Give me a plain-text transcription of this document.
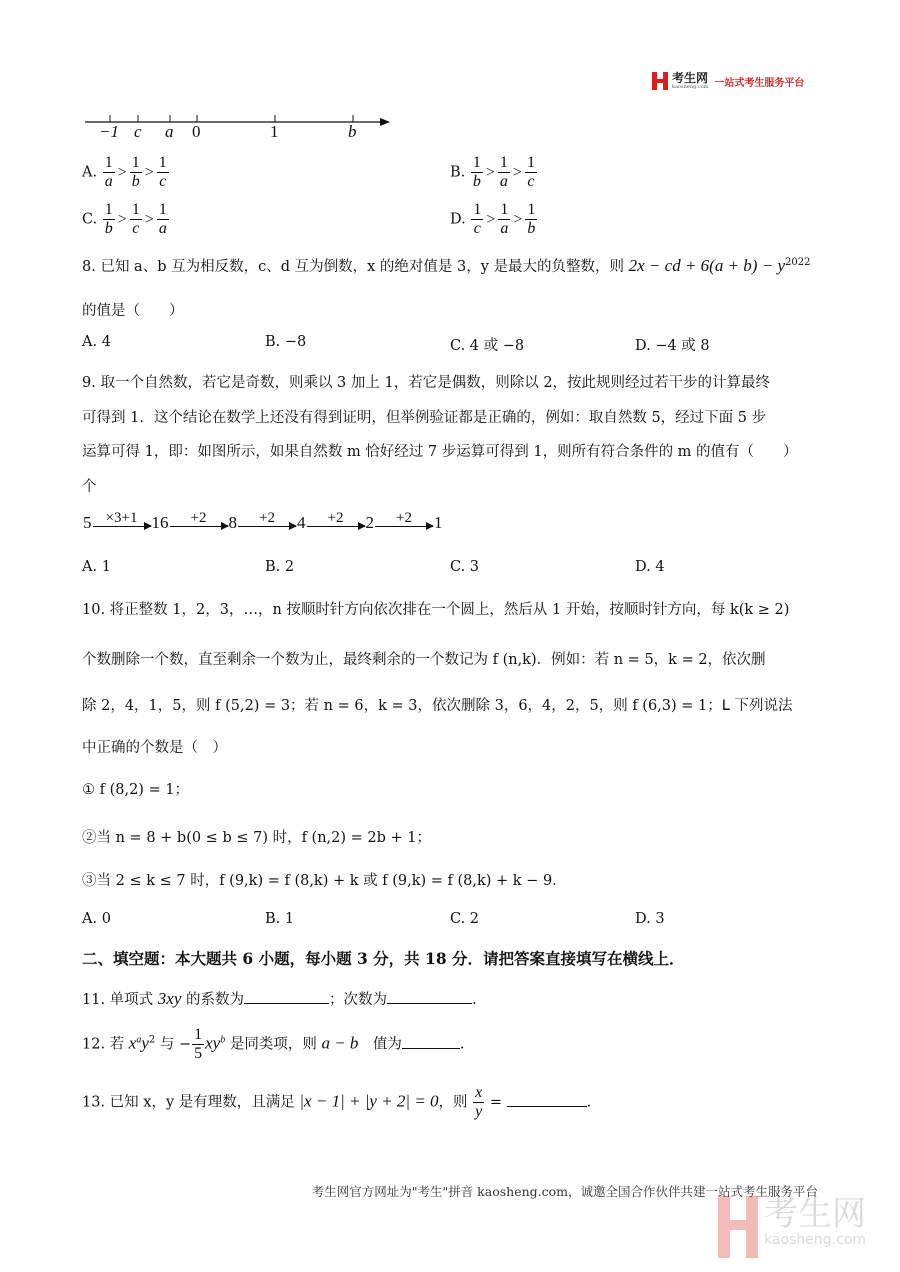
考生网
kaosheng.com 一站式考生服务平台
−1 c a 0	1	b
A. $\frac{1}{a} > \frac{1}{b} > \frac{1}{c}$	B. $\frac{1}{b} > \frac{1}{a} > \frac{1}{c}$
C. $\frac{1}{b} > \frac{1}{c} > \frac{1}{a}$	D. $\frac{1}{c} > \frac{1}{a} > \frac{1}{b}$
8. 已知 a、b 互为相反数，c、d 互为倒数，x 的绝对值是 3，y 是最大的负整数，则 2x − cd + $6(a + b) - y^{2022}$
的值是（　　）
A. 4	B. −8	C. 4 或 −8	D. −4 或 8
9. 取一个自然数，若它是奇数，则乘以 3 加上 1，若它是偶数，则除以 2，按此规则经过若干步的计算最终
可得到 1．这个结论在数学上还没有得到证明，但举例验证都是正确的，例如：取自然数 5，经过下面 5 步
运算可得 1，即：如图所示，如果自然数 m 恰好经过 7 步运算可得到 1，则所有符合条件的 m 的值有（　　）
个
5 ×3+1 16 +2 8 +2 4 +2 2 +2 1
A. 1	B. 2	C. 3	D. 4
10. 将正整数 1，2，3，…，n 按顺时针方向依次排在一个圆上，然后从 1 开始，按顺时针方向，每 k(k ≥ 2)
个数删除一个数，直至剩余一个数为止，最终剩余的一个数记为 f (n,k)．例如：若 n = 5，k = 2，依次删
除 2，4，1，5，则 f (5,2) = 3；若 n = 6，k = 3，依次删除 3，6，4，2，5，则 f (6,3) = 1；ᒪ 下列说法
中正确的个数是（　）
① f (8,2) = 1；
②当 n = 8 + b(0 ≤ b ≤ 7) 时，f (n,2) = 2b + 1；
③当 2 ≤ k ≤ 7 时，f (9,k) = f (8,k) + k 或 f (9,k) = f (8,k) + k − 9．
A. 0	B. 1	C. 2	D. 3
二、填空题：本大题共 6 小题，每小题 3 分，共 18 分．请把答案直接填写在横线上．
11. 单项式 3xy 的系数为	；次数为	.
12. 若 $x^ay^2$ 与 − $\frac{1}{5} xy^b$ 是同类项，则 a − b　值为	.
13. 已知 x，y 是有理数，且满足 |x − 1| + |y + 2| = 0，则 $\frac{x}{y}$ =	.
考生网官方网址为"考生"拼音 kaosheng.com，诚邀全国合作伙伴共建一站式考生服务平台
考生网
kaosheng.com
